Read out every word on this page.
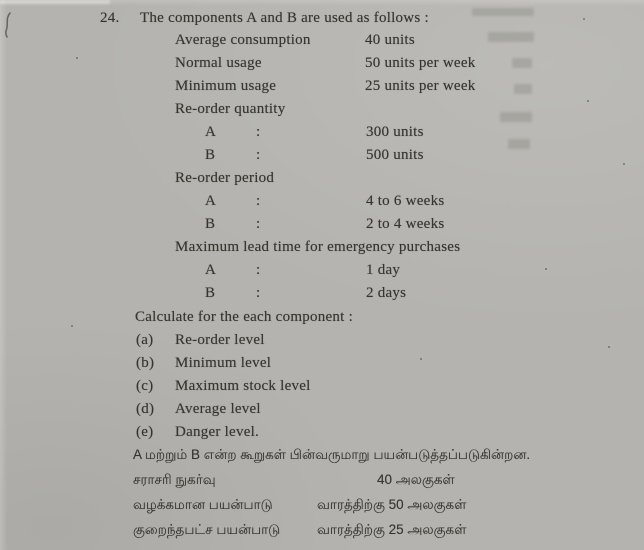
24. The components A and B are used as follows :
Average consumption	40 units
Normal usage	50 units per week
Minimum usage	25 units per week
Re-order quantity
A	:	300 units
B	:	500 units
Re-order period
A	:	4 to 6 weeks
B	:	2 to 4 weeks
Maximum lead time for emergency purchases
A	:	1 day
B	:	2 days
Calculate for the each component :
(a) Re-order level
(b) Minimum level
(c) Maximum stock level
(d) Average level
(e) Danger level.
A மற்றும் B என்ற கூறுகள் பின்வருமாறு பயன்படுத்தப்படுகின்றன.
சராசரி நுகர்வு	40 அலகுகள்
வழக்கமான பயன்பாடு	வாரத்திற்கு 50 அலகுகள்
குறைந்தபட்ச பயன்பாடு	வாரத்திற்கு 25 அலகுகள்
